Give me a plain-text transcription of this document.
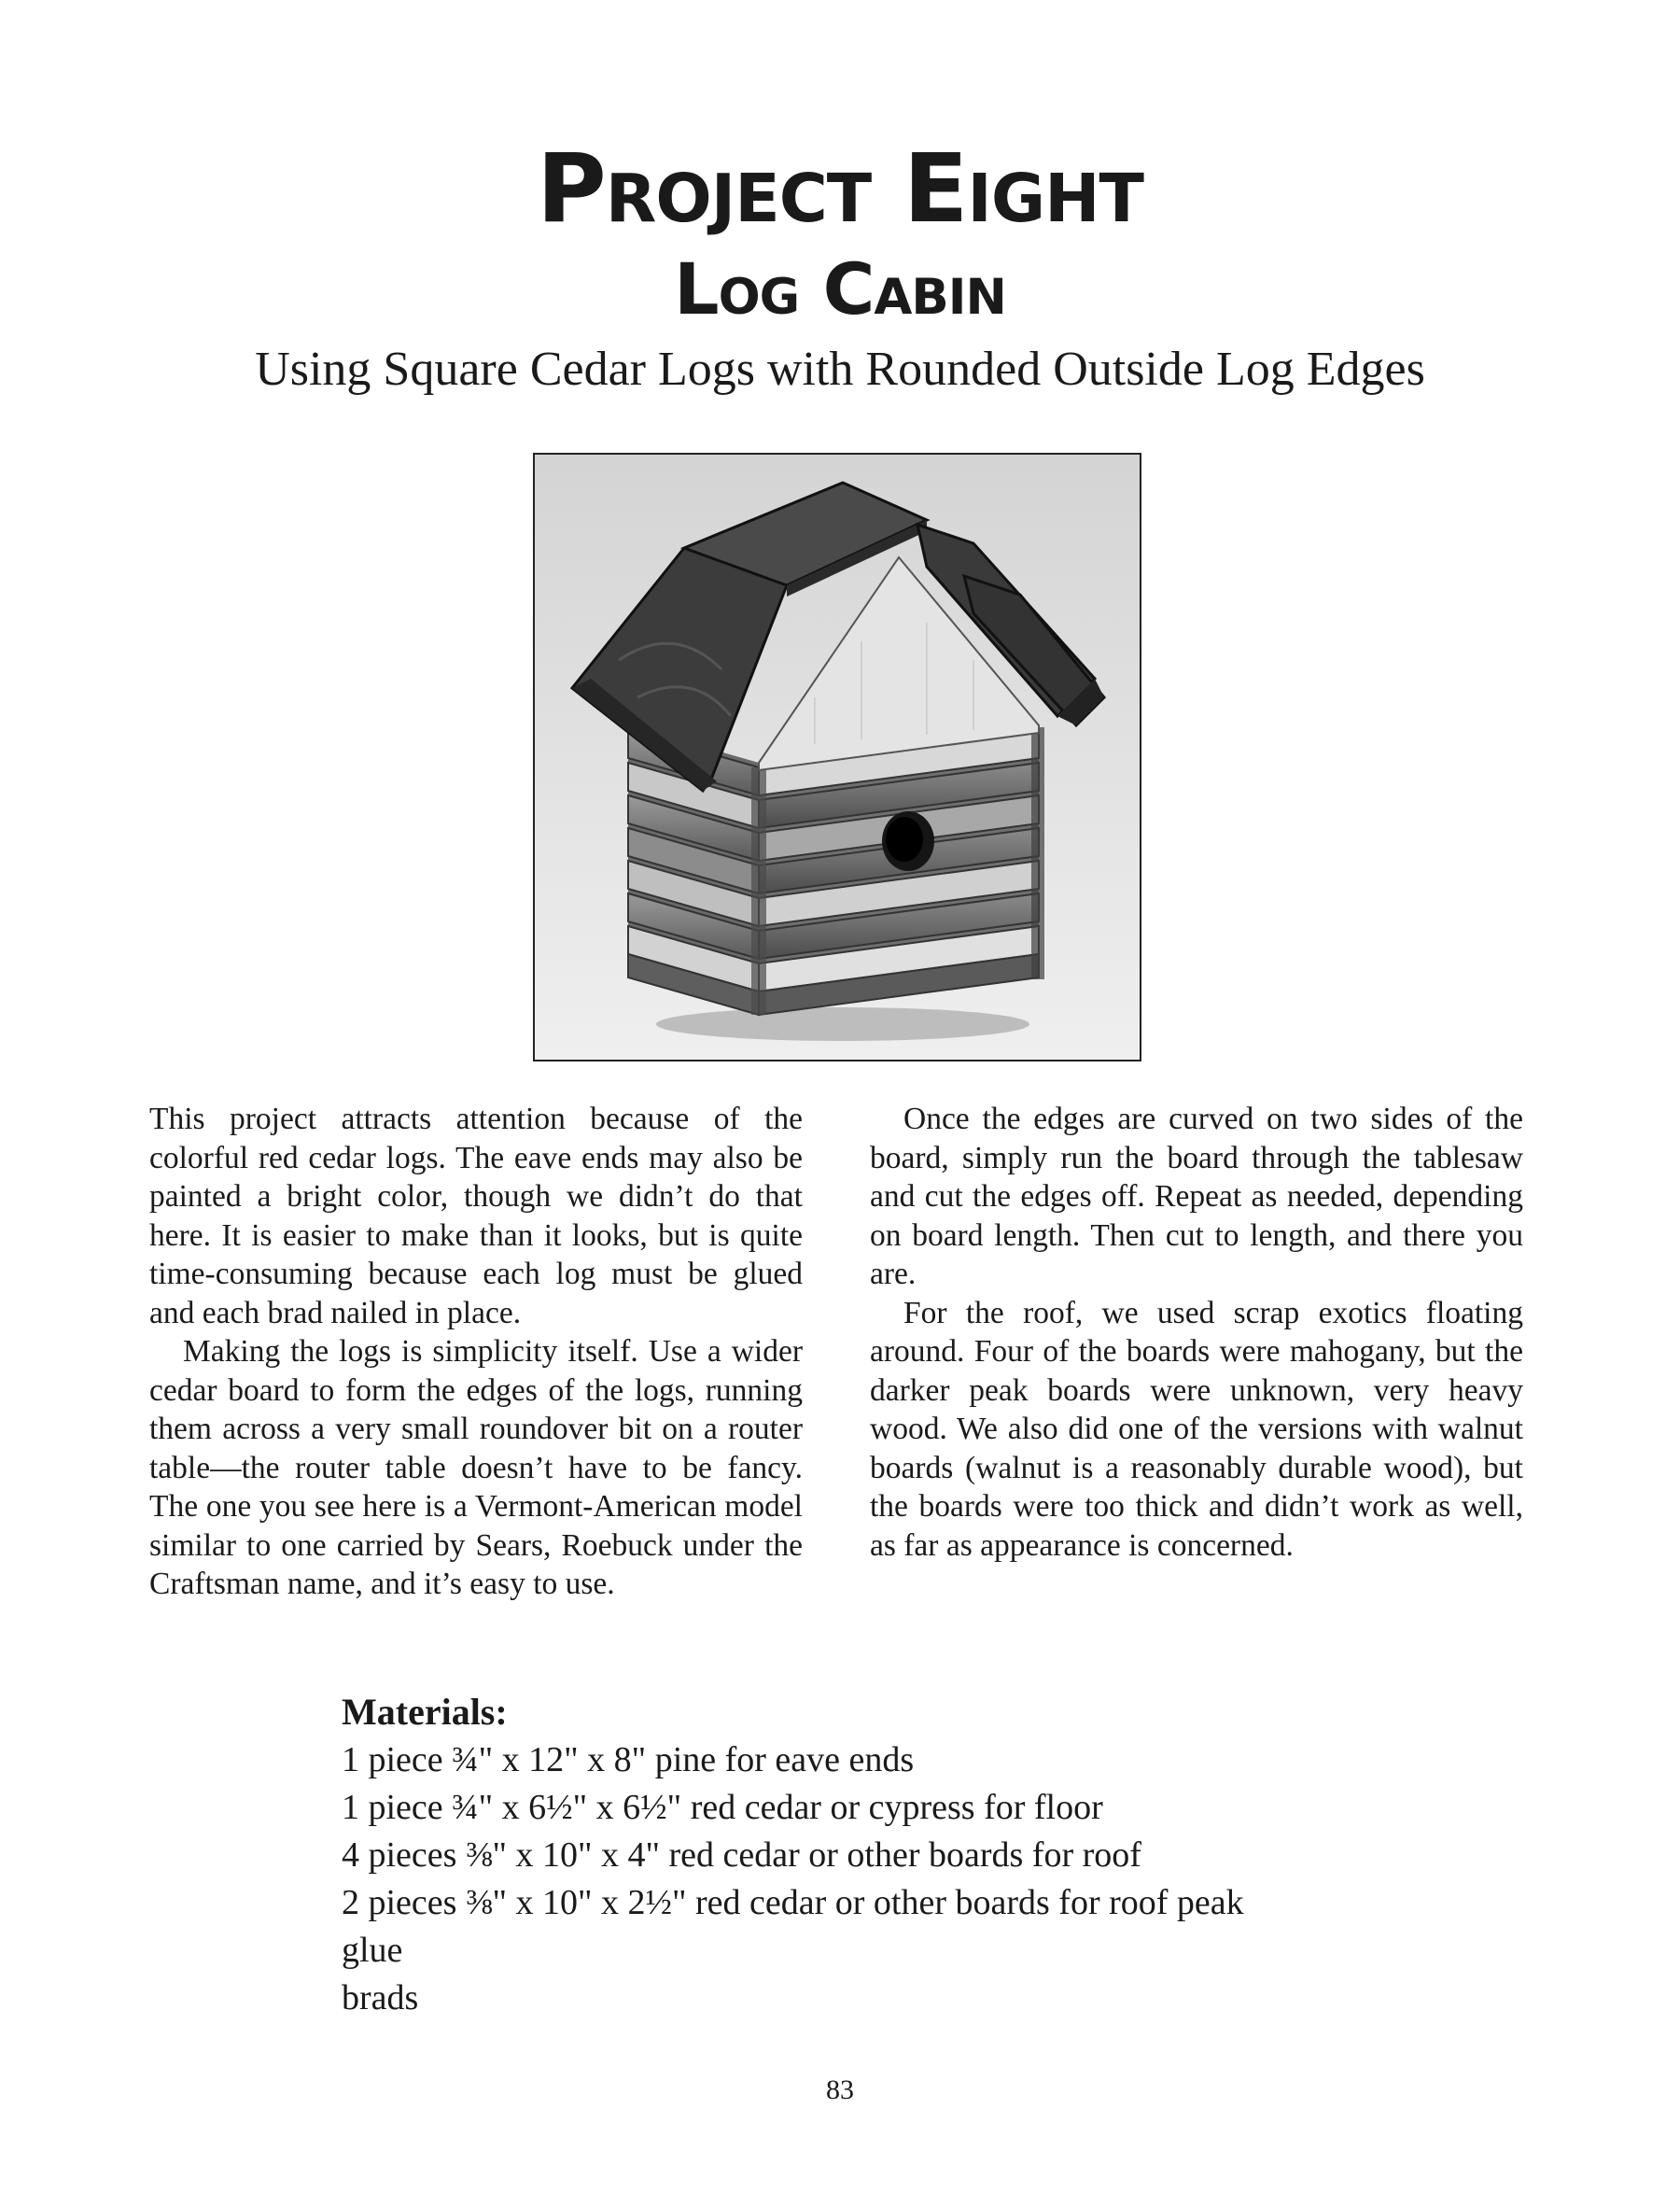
Project Eight
Log Cabin
Using Square Cedar Logs with Rounded Outside Log Edges

This project attracts attention because of the colorful red cedar logs. The eave ends may also be painted a bright color, though we didn’t do that here. It is easier to make than it looks, but is quite time-consuming because each log must be glued and each brad nailed in place.

Making the logs is simplicity itself. Use a wider cedar board to form the edges of the logs, running them across a very small roundover bit on a router table—the router table doesn’t have to be fancy. The one you see here is a Vermont-American model similar to one carried by Sears, Roebuck under the Craftsman name, and it’s easy to use.

Once the edges are curved on two sides of the board, simply run the board through the tablesaw and cut the edges off. Repeat as needed, depending on board length. Then cut to length, and there you are.

For the roof, we used scrap exotics floating around. Four of the boards were mahogany, but the darker peak boards were unknown, very heavy wood. We also did one of the versions with walnut boards (walnut is a reasonably durable wood), but the boards were too thick and didn’t work as well, as far as appearance is concerned.

Materials:
1 piece ¾" x 12" x 8" pine for eave ends
1 piece ¾" x 6½" x 6½" red cedar or cypress for floor
4 pieces ⅜" x 10" x 4" red cedar or other boards for roof
2 pieces ⅜" x 10" x 2½" red cedar or other boards for roof peak
glue
brads
83
